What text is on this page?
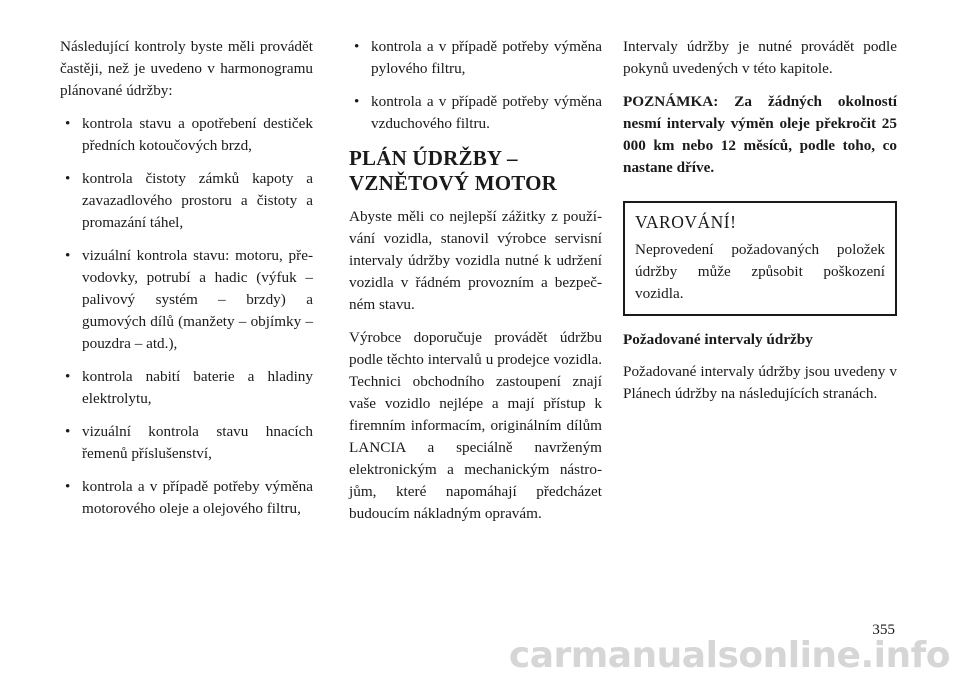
Následující kontroly byste měli provádět častěji, než je uvedeno v harmonogramu plánované údržby:

• kontrola stavu a opotřebení destiček předních kotoučových brzd,
• kontrola čistoty zámků kapoty a zavazadlového prostoru a čistoty a promazání táhel,
• vizuální kontrola stavu: motoru, převodovky, potrubí a hadic (výfuk – palivový systém – brzdy) a gumových dílů (manžety – objímky – pouzdra – atd.),
• kontrola nabití baterie a hladiny elektrolytu,
• vizuální kontrola stavu hnacích řemenů příslušenství,
• kontrola a v případě potřeby výměna motorového oleje a olejového filtru,
• kontrola a v případě potřeby výměna pylového filtru,
• kontrola a v případě potřeby výměna vzduchového filtru.
PLÁN ÚDRŽBY –
VZNĚTOVÝ MOTOR

Abyste měli co nejlepší zážitky z používání vozidla, stanovil výrobce servisní intervaly údržby vozidla nutné k udržení vozidla v řádném provozním a bezpečném stavu.

Výrobce doporučuje provádět údržbu podle těchto intervalů u prodejce vozidla. Technici obchodního zastoupení znají vaše vozidlo nejlépe a mají přístup k firemním informacím, originálním dílům LANCIA a speciálně navrženým elektronickým a mechanickým nástrojům, které napomáhají předcházet budoucím nákladným opravám.

Intervaly údržby je nutné provádět podle pokynů uvedených v této kapitole.

POZNÁMKA: Za žádných okolností nesmí intervaly výměn oleje překročit 25 000 km nebo 12 měsíců, podle toho, co nastane dříve.

VAROVÁNÍ!
Neprovedení požadovaných položek údržby může způsobit poškození vozidla.

Požadované intervaly údržby

Požadované intervaly údržby jsou uvedeny v Plánech údržby na následujících stranách.

355
carmanualsonline.info
